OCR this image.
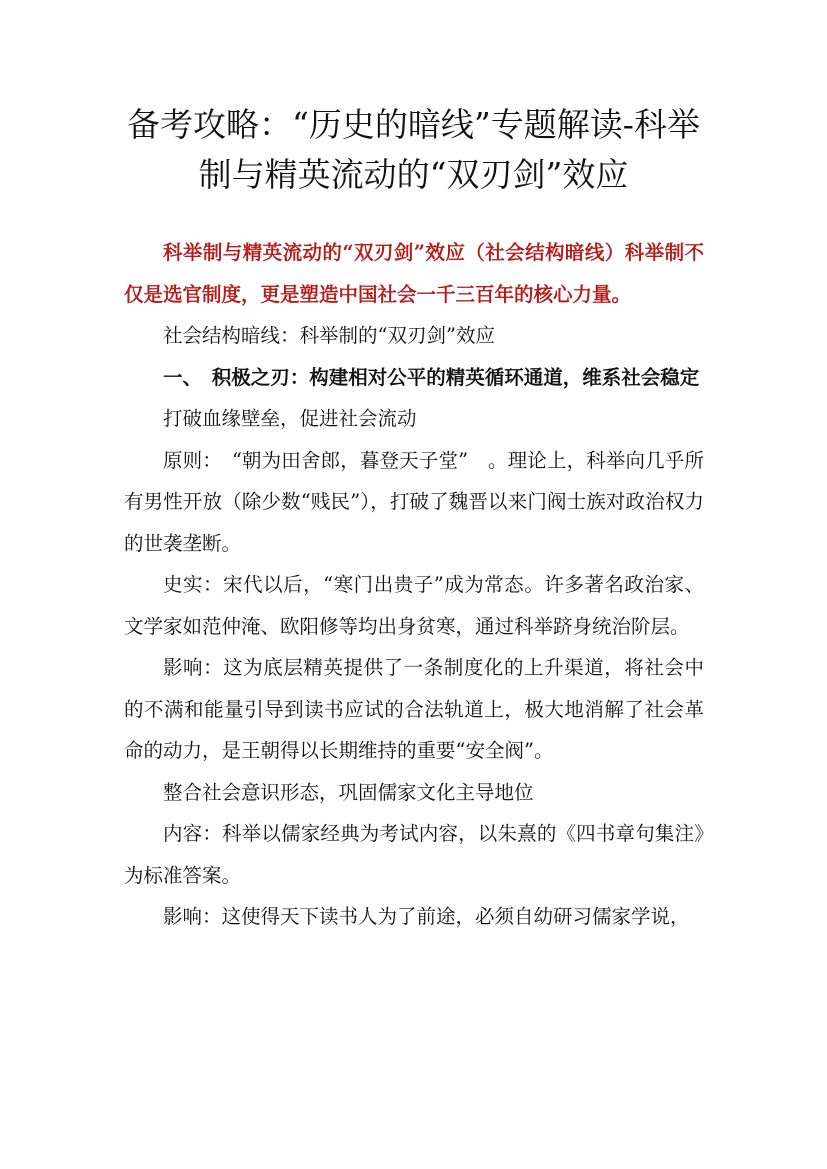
备考攻略：“历史的暗线”专题解读-科举
制与精英流动的“双刃剑”效应

科举制与精英流动的“双刃剑”效应（社会结构暗线）科举制不仅是选官制度，更是塑造中国社会一千三百年的核心力量。

社会结构暗线：科举制的“双刃剑”效应

一、　积极之刃：构建相对公平的精英循环通道，维系社会稳定

打破血缘壁垒，促进社会流动

原则：　“朝为田舍郎，暮登天子堂”　。理论上，科举向几乎所有男性开放（除少数“贱民”），打破了魏晋以来门阀士族对政治权力的世袭垄断。

史实：宋代以后，“寒门出贵子”成为常态。许多著名政治家、文学家如范仲淹、欧阳修等均出身贫寒，通过科举跻身统治阶层。

影响：这为底层精英提供了一条制度化的上升渠道，将社会中的不满和能量引导到读书应试的合法轨道上，极大地消解了社会革命的动力，是王朝得以长期维持的重要“安全阀”。

整合社会意识形态，巩固儒家文化主导地位

内容：科举以儒家经典为考试内容，以朱熹的《四书章句集注》为标准答案。

影响：这使得天下读书人为了前途，必须自幼研习儒家学说，
